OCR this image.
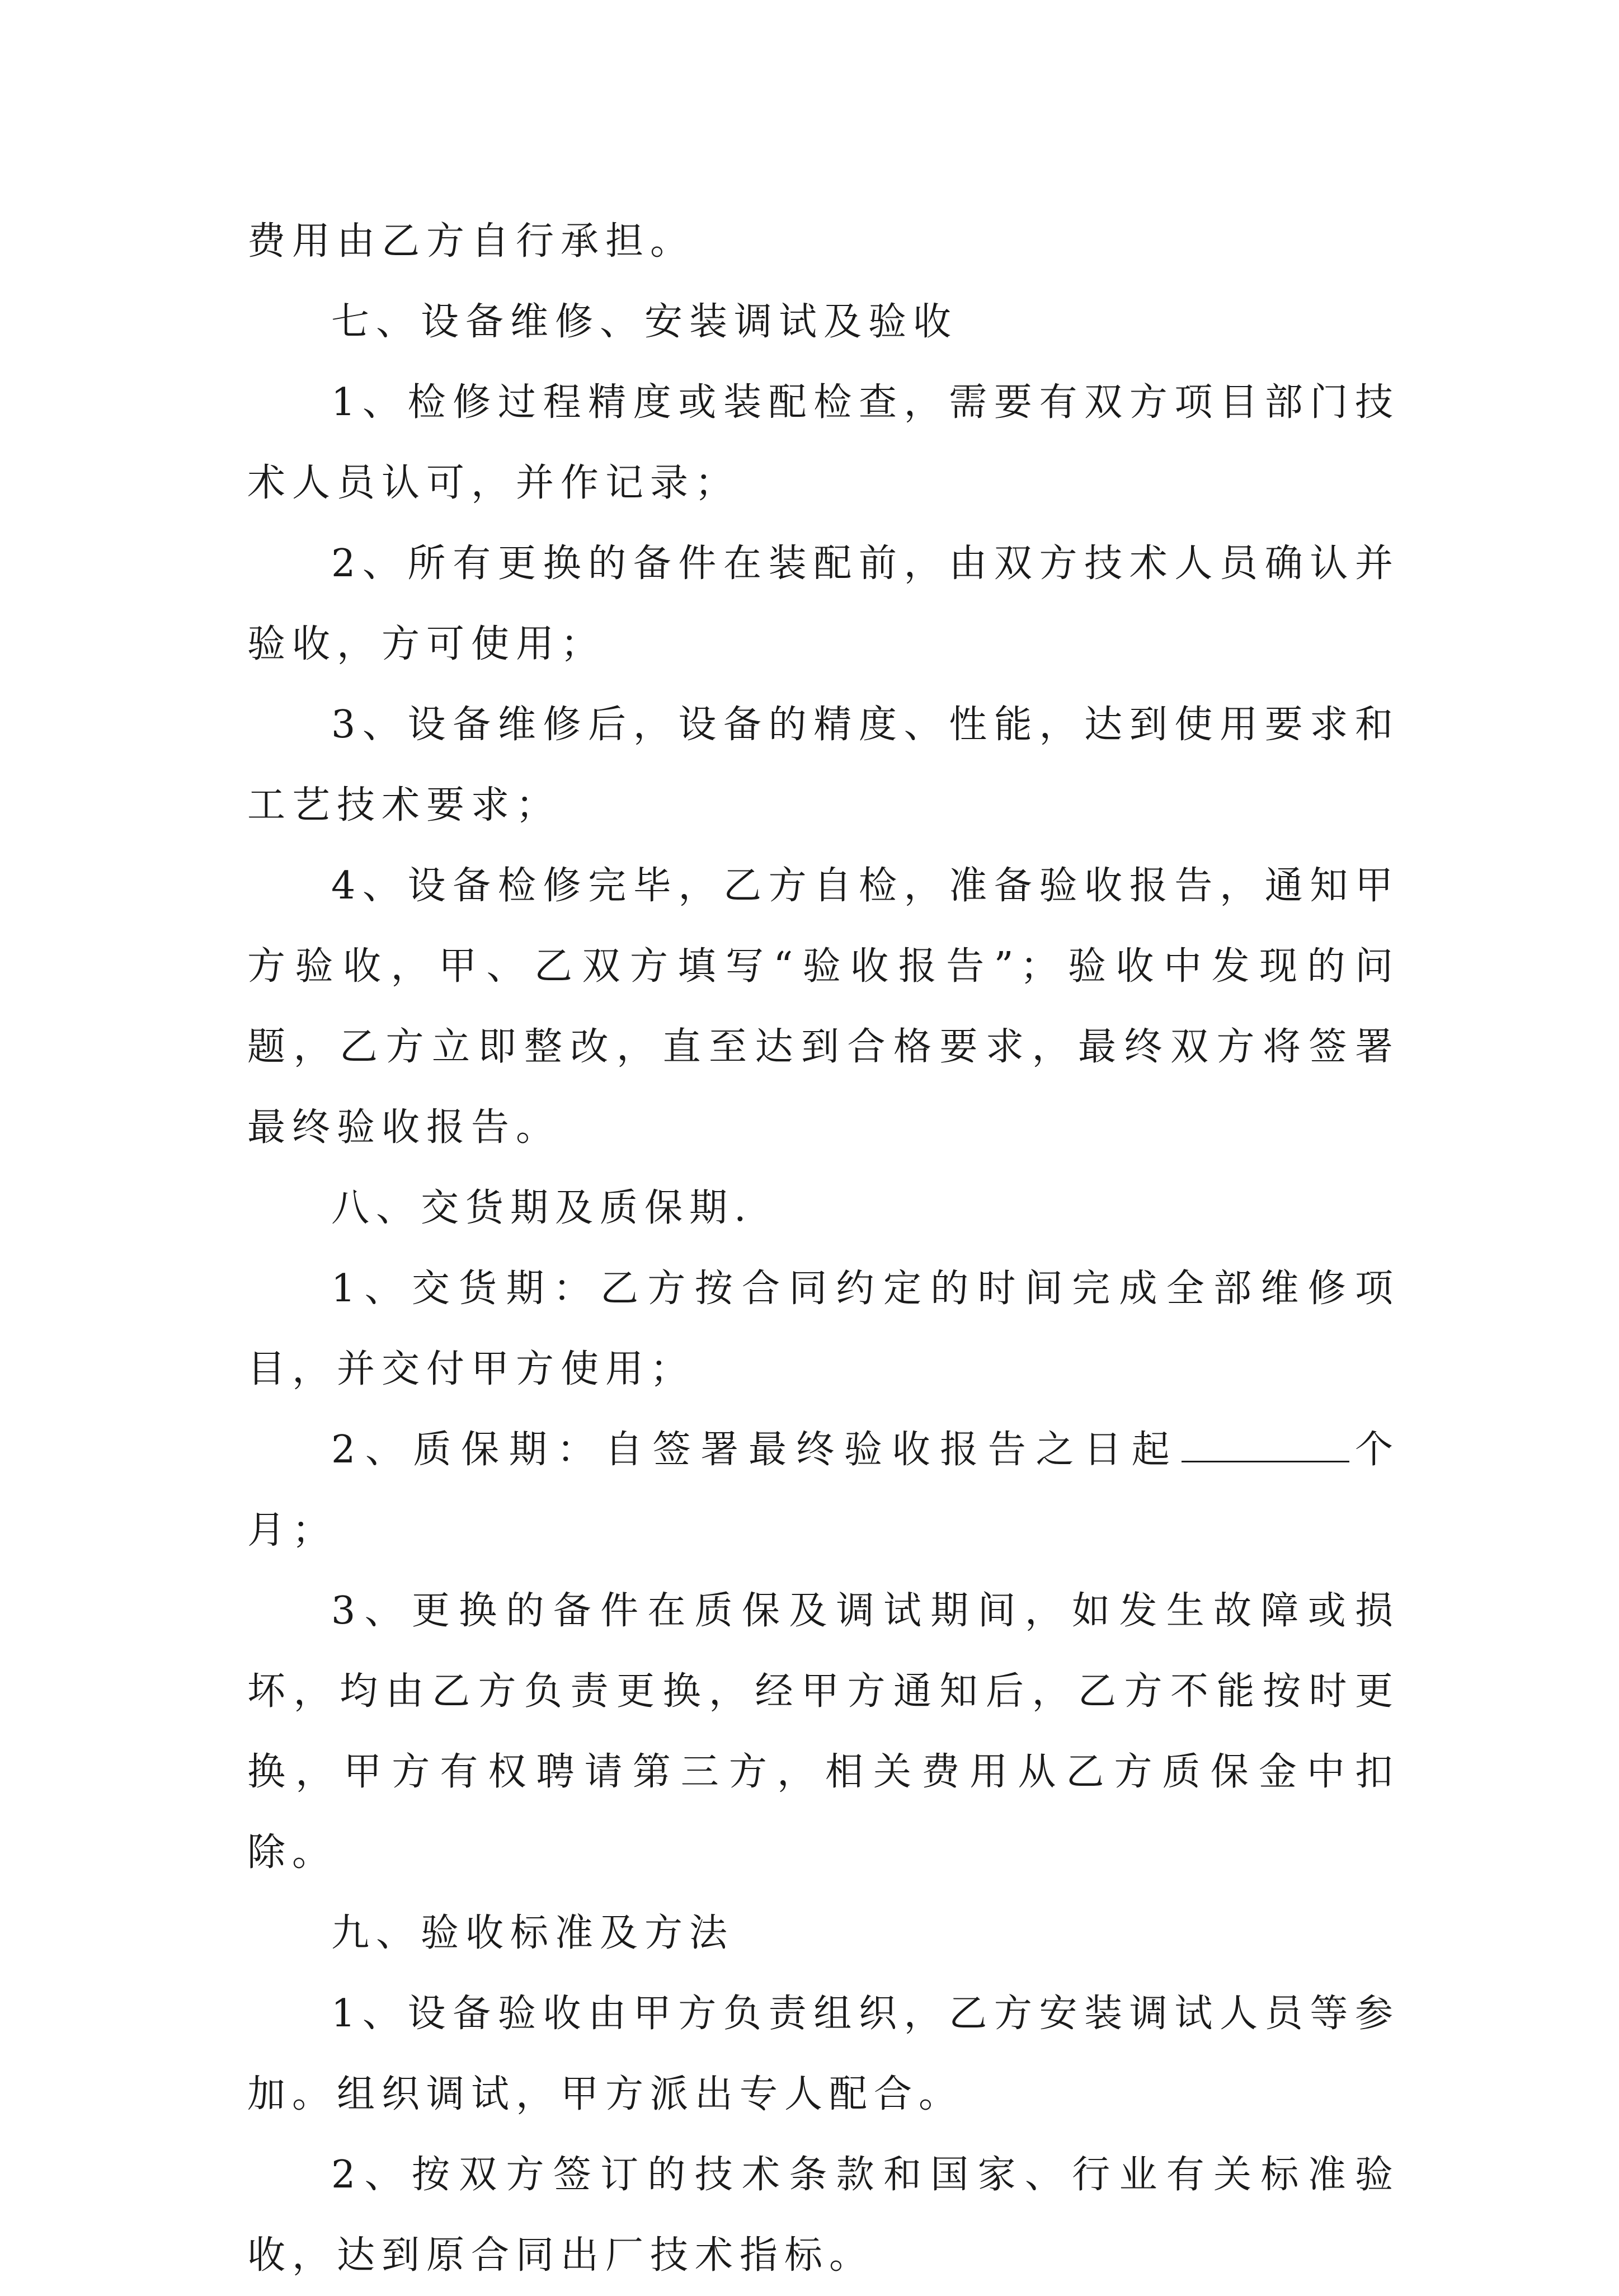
费用由乙方自行承担。

七、设备维修、安装调试及验收

1、检修过程精度或装配检查，需要有双方项目部门技术人员认可，并作记录；

2、所有更换的备件在装配前，由双方技术人员确认并验收，方可使用；

3、设备维修后，设备的精度、性能，达到使用要求和工艺技术要求；

4、设备检修完毕，乙方自检，准备验收报告，通知甲方验收，甲、乙双方填写“验收报告”；验收中发现的问题，乙方立即整改，直至达到合格要求，最终双方将签署最终验收报告。

八、交货期及质保期.

1、交货期：乙方按合同约定的时间完成全部维修项目，并交付甲方使用；

2、质保期：自签署最终验收报告之日起	个月；

3、更换的备件在质保及调试期间，如发生故障或损坏，均由乙方负责更换，经甲方通知后，乙方不能按时更换，甲方有权聘请第三方，相关费用从乙方质保金中扣除。

九、验收标准及方法

1、设备验收由甲方负责组织，乙方安装调试人员等参加。组织调试，甲方派出专人配合。

2、按双方签订的技术条款和国家、行业有关标准验收，达到原合同出厂技术指标。
